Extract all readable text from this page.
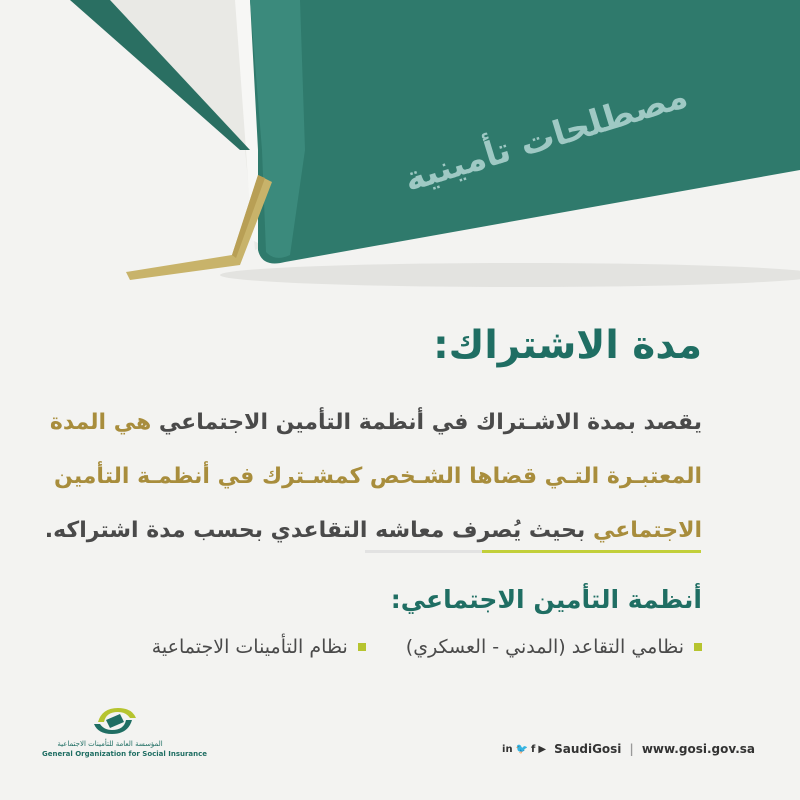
مصطلحات تأمينية
مدة الاشتراك:
يقصد بمدة الاشـتراك في أنظمة التأمين الاجتماعي هي المدة
المعتبـرة التـي قضاها الشـخص كمشـترك في أنظمـة التأمين
الاجتماعي بحيث يُصرف معاشه التقاعدي بحسب مدة اشتراكه.
أنظمة التأمين الاجتماعي:
نظامي التقاعد (المدني - العسكري)
نظام التأمينات الاجتماعية
المؤسسة العامة للتأمينات الاجتماعية
General Organization for Social Insurance	in 🐦 f ▶ SaudiGosi | www.gosi.gov.sa
